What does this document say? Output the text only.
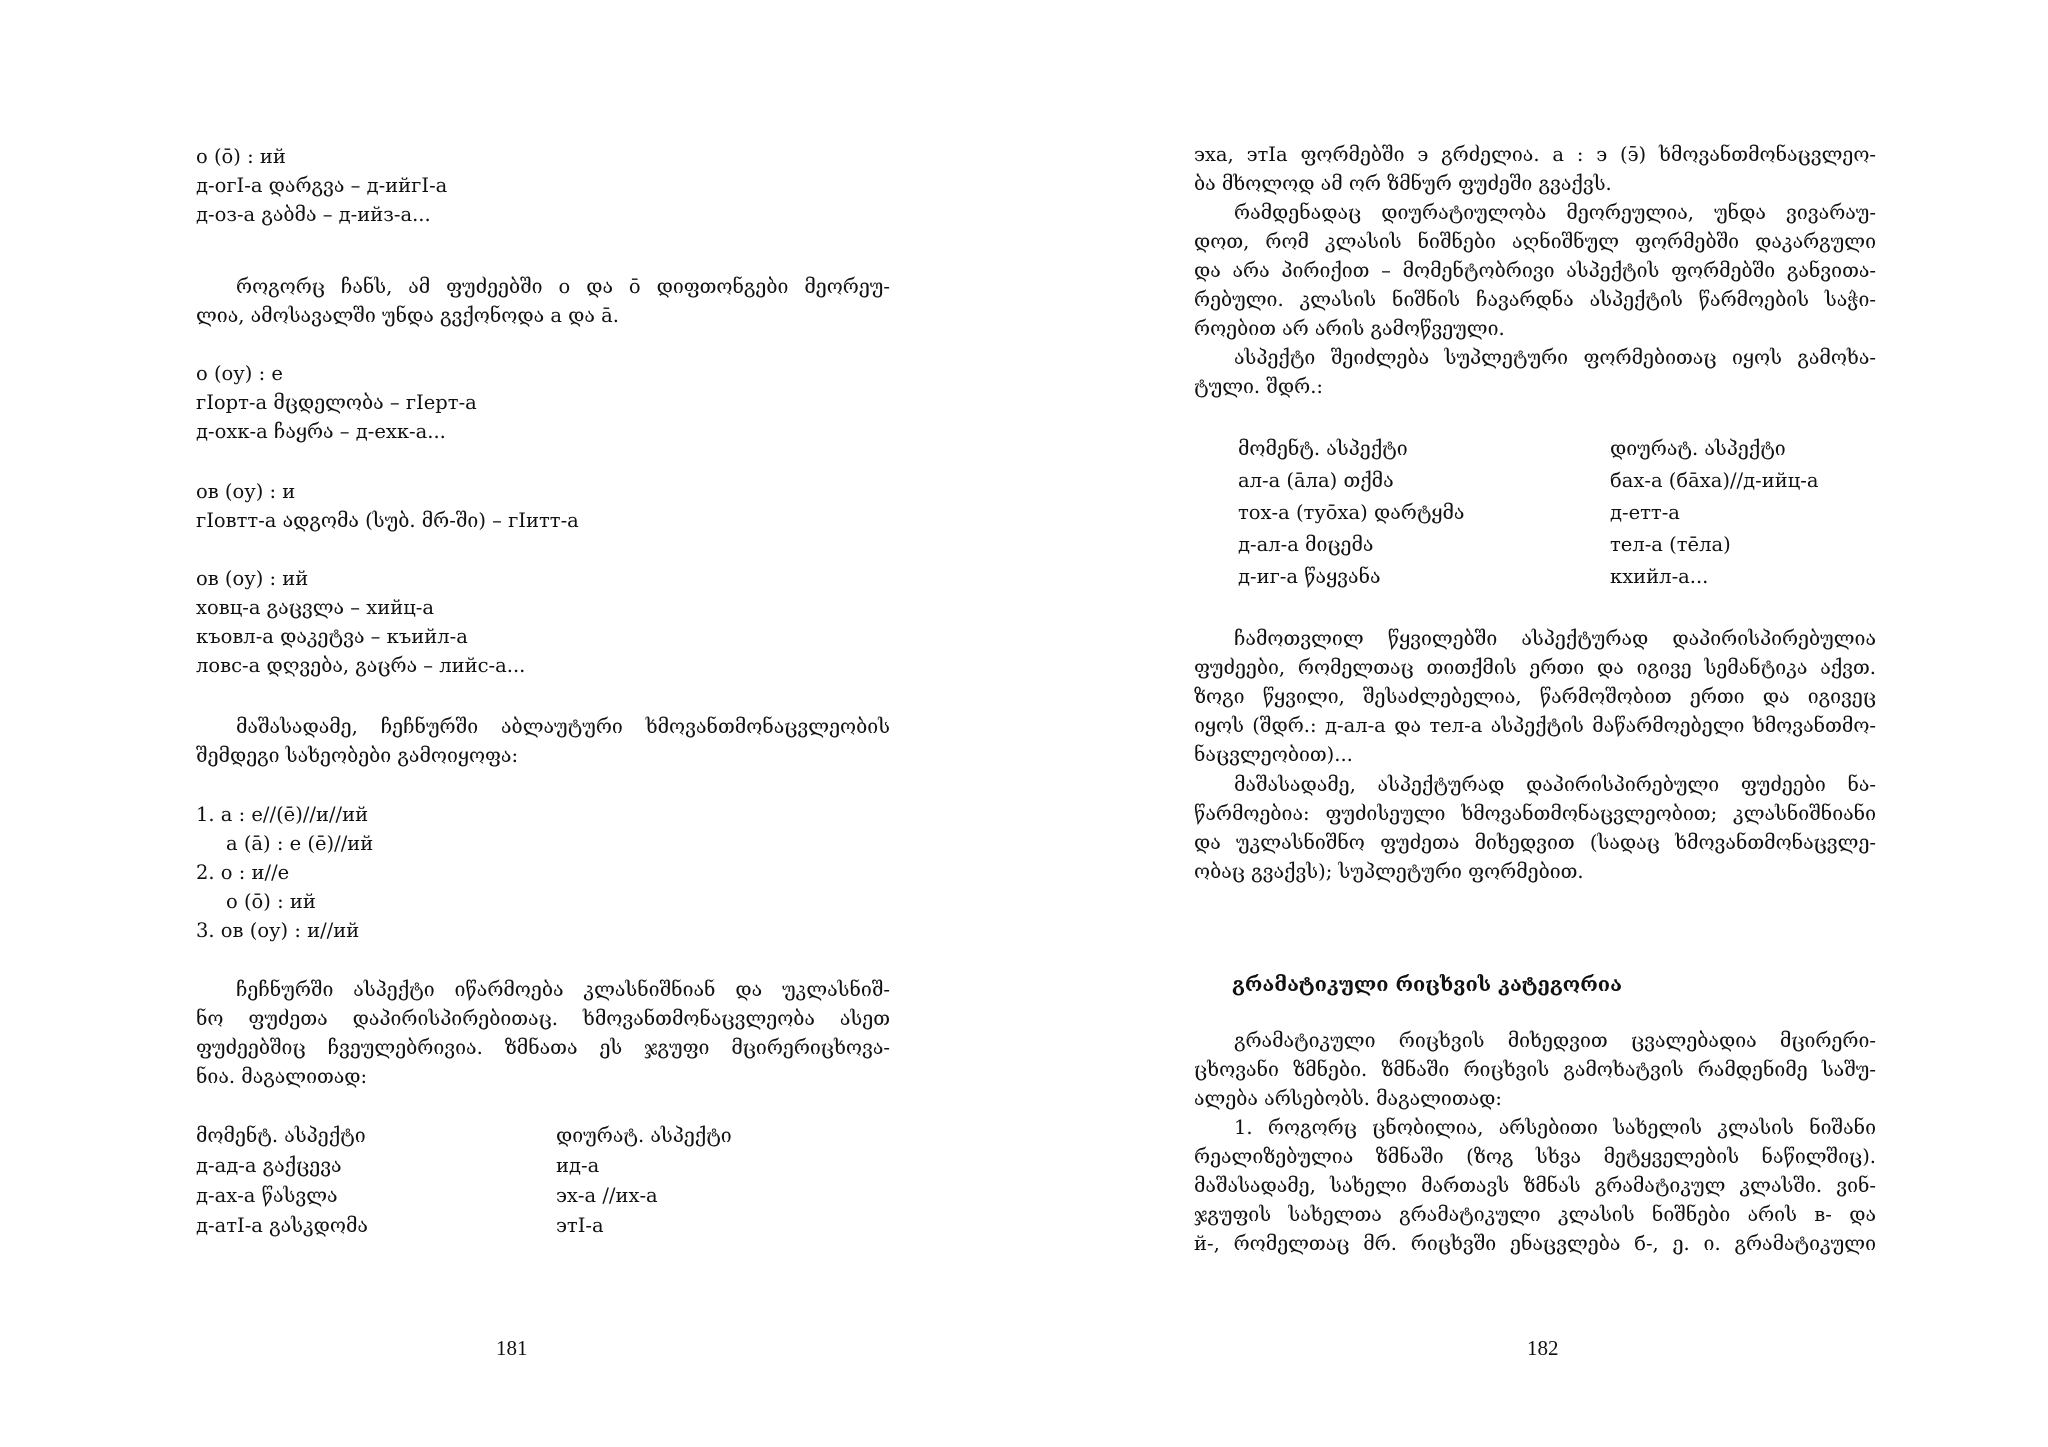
о (ō) : ий
д-огI-а დარგვა – д-ийгI-а
д-оз-а გაბმა – д-ийз-а...
როგორც ჩანს, ამ ფუძეებში о და ō დიფთონგები მეორეუ-
ლია, ამოსავალში უნდა გვქონოდა а და ā.
о (оу) : е
гIорт-а მცდელობა – гIерт-а
д-охк-а ჩაყრა – д-ехк-а...
ов (оу) : и
гIовтт-а ადგომა (სუბ. მრ-ში) – гIитт-а
ов (оу) : ий
ховц-а გაცვლა – хийц-а
къовл-а დაკეტვა – къийл-а
ловс-а დღვება, გაცრა – лийс-а...
მაშასადამე, ჩეჩნურში აბლაუტური ხმოვანთმონაცვლეობის
შემდეგი სახეობები გამოიყოფა:
1. а : е//(ē)//и//ий
а (ā) : е (ē)//ий
2. о : и//е
о (ō) : ий
3. ов (оу) : и//ий
ჩეჩნურში ასპექტი იწარმოება კლასნიშნიან და უკლასნიშ-
ნო ფუძეთა დაპირისპირებითაც. ხმოვანთმონაცვლეობა ასეთ
ფუძეებშიც ჩვეულებრივია. ზმნათა ეს ჯგუფი მცირერიცხოვა-
ნია. მაგალითად:
მომენტ. ასპექტი	დიურატ. ასპექტი
д-ад-а გაქცევა	ид-а
д-ах-а წასვლა	эх-а //их-а
д-атI-а გასკდომა	этI-а
181
эха, этIа ფორმებში э გრძელია. а : э (э̄) ხმოვანთმონაცვლეო-
ბა მხოლოდ ამ ორ ზმნურ ფუძეში გვაქვს.
რამდენადაც დიურატიულობა მეორეულია, უნდა ვივარაუ-
დოთ, რომ კლასის ნიშნები აღნიშნულ ფორმებში დაკარგული
და არა პირიქით – მომენტობრივი ასპექტის ფორმებში განვითა-
რებული. კლასის ნიშნის ჩავარდნა ასპექტის წარმოების საჭი-
როებით არ არის გამოწვეული.
ასპექტი შეიძლება სუპლეტური ფორმებითაც იყოს გამოხა-
ტული. შდრ.:
მომენტ. ასპექტი	დიურატ. ასპექტი
ал-а (āла) თქმა	бах-а (бāха)//д-ийц-а
тох-а (туōха) დარტყმა	д-етт-а
д-ал-а მიცემა	тел-а (тēла)
д-иг-а წაყვანა	кхийл-а...
ჩამოთვლილ წყვილებში ასპექტურად დაპირისპირებულია
ფუძეები, რომელთაც თითქმის ერთი და იგივე სემანტიკა აქვთ.
ზოგი წყვილი, შესაძლებელია, წარმოშობით ერთი და იგივეც
იყოს (შდრ.: д-ал-а და тел-а ასპექტის მაწარმოებელი ხმოვანთმო-
ნაცვლეობით)...
მაშასადამე, ასპექტურად დაპირისპირებული ფუძეები ნა-
წარმოებია: ფუძისეული ხმოვანთმონაცვლეობით; კლასნიშნიანი
და უკლასნიშნო ფუძეთა მიხედვით (სადაც ხმოვანთმონაცვლე-
ობაც გვაქვს); სუპლეტური ფორმებით.
გრამატიკული რიცხვის კატეგორია
გრამატიკული რიცხვის მიხედვით ცვალებადია მცირერი-
ცხოვანი ზმნები. ზმნაში რიცხვის გამოხატვის რამდენიმე საშუ-
ალება არსებობს. მაგალითად:
1. როგორც ცნობილია, არსებითი სახელის კლასის ნიშანი
რეალიზებულია ზმნაში (ზოგ სხვა მეტყველების ნაწილშიც).
მაშასადამე, სახელი მართავს ზმნას გრამატიკულ კლასში. ვინ-
ჯგუფის სახელთა გრამატიკული კლასის ნიშნები არის в- და
й-, რომელთაც მრ. რიცხვში ენაცვლება б-, ე. ი. გრამატიკული
182
